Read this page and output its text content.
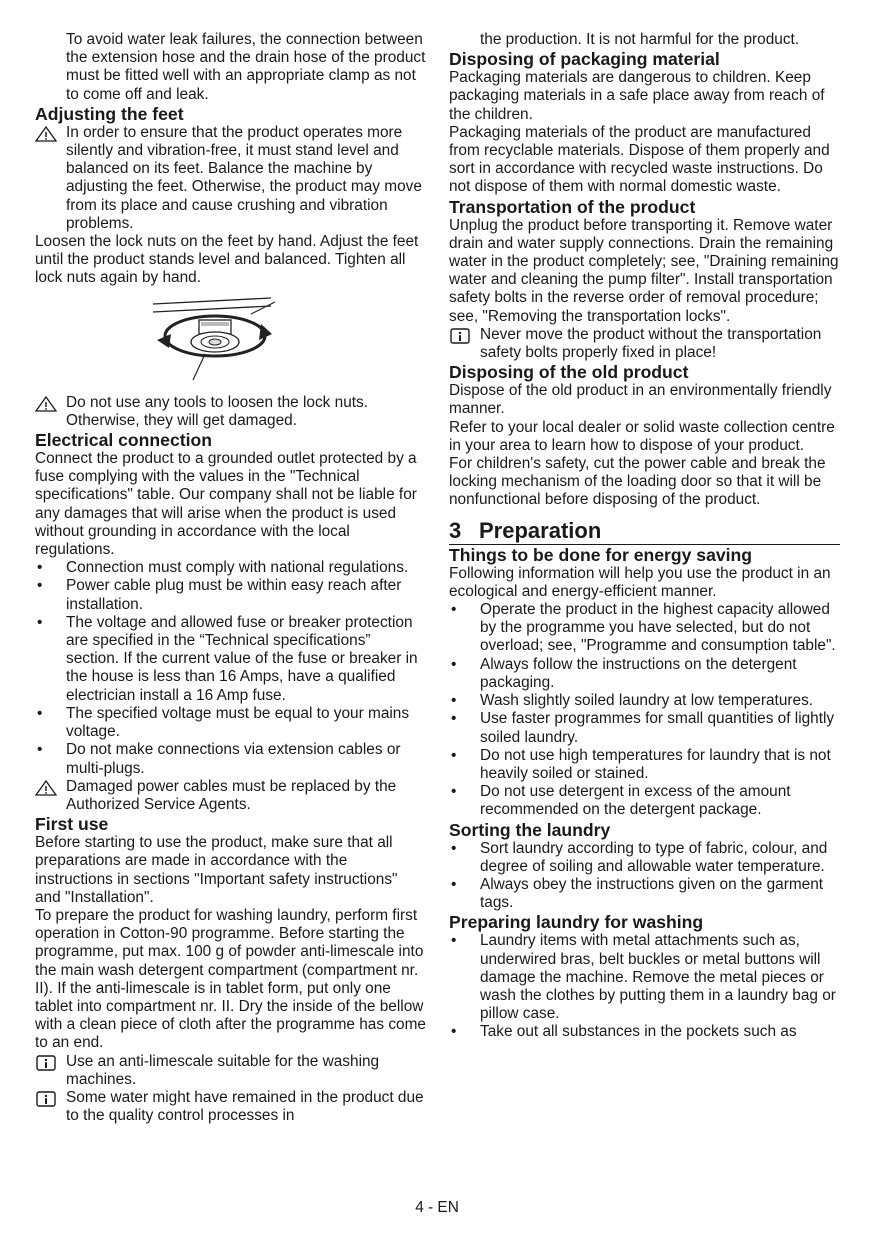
To avoid water leak failures, the connection between the extension hose and the drain hose of the product must be fitted well with an appropriate clamp as not to come off and leak.

Adjusting the feet

In order to ensure that the product operates more silently and vibration-free, it must stand level and balanced on its feet. Balance the machine by adjusting the feet. Otherwise, the product may move from its place and cause crushing and vibration problems.

Loosen the lock nuts on the feet by hand. Adjust the feet until the product stands level and balanced. Tighten all lock nuts again by hand.

Do not use any tools to loosen the lock nuts. Otherwise, they will get damaged.

Electrical connection

Connect the product to a grounded outlet protected by a fuse complying with the values in the "Technical specifications" table. Our company shall not be liable for any damages that will arise when the product is used without grounding in accordance with the local regulations.

• Connection must comply with national regulations.
• Power cable plug must be within easy reach after installation.
• The voltage and allowed fuse or breaker protection are specified in the “Technical specifications” section. If the current value of the fuse or breaker in the house is less than 16 Amps, have a qualified electrician install a 16 Amp fuse.
• The specified voltage must be equal to your mains voltage.
• Do not make connections via extension cables or multi-plugs.

Damaged power cables must be replaced by the Authorized Service Agents.

First use

Before starting to use the product, make sure that all preparations are made in accordance with the instructions in sections "Important safety instructions" and "Installation".

To prepare the product for washing laundry, perform first operation in Cotton-90 programme. Before starting the programme, put max. 100 g of powder anti-limescale into the main wash detergent compartment (compartment nr. II). If the anti-limescale is in tablet form, put only one tablet into compartment nr. II. Dry the inside of the bellow with a clean piece of cloth after the programme has come to an end.

Use an anti-limescale suitable for the washing machines.

Some water might have remained in the product due to the quality control processes in

the production. It is not harmful for the product.

Disposing of packaging material

Packaging materials are dangerous to children. Keep packaging materials in a safe place away from reach of the children.

Packaging materials of the product are manufactured from recyclable materials. Dispose of them properly and sort in accordance with recycled waste instructions. Do not dispose of them with normal domestic waste.

Transportation of the product

Unplug the product before transporting it. Remove water drain and water supply connections. Drain the remaining water in the product completely; see, "Draining remaining water and cleaning the pump filter". Install transportation safety bolts in the reverse order of removal procedure; see, "Removing the transportation locks".

Never move the product without the transportation safety bolts properly fixed in place!

Disposing of the old product

Dispose of the old product in an environmentally friendly manner.

Refer to your local dealer or solid waste collection centre in your area to learn how to dispose of your product.

For children's safety, cut the power cable and break the locking mechanism of the loading door so that it will be nonfunctional before disposing of the product.

3 Preparation
Things to be done for energy saving

Following information will help you use the product in an ecological and energy-efficient manner.

• Operate the product in the highest capacity allowed by the programme you have selected, but do not overload; see, "Programme and consumption table".
• Always follow the instructions on the detergent packaging.
• Wash slightly soiled laundry at low temperatures.
• Use faster programmes for small quantities of lightly soiled laundry.
• Do not use high temperatures for laundry that is not heavily soiled or stained.
• Do not use detergent in excess of the amount recommended on the detergent package.
Sorting the laundry
• Sort laundry according to type of fabric, colour, and degree of soiling and allowable water temperature.
• Always obey the instructions given on the garment tags.
Preparing laundry for washing
• Laundry items with metal attachments such as, underwired bras, belt buckles or metal buttons will damage the machine. Remove the metal pieces or wash the clothes by putting them in a laundry bag or pillow case.
• Take out all substances in the pockets such as
4 - EN
